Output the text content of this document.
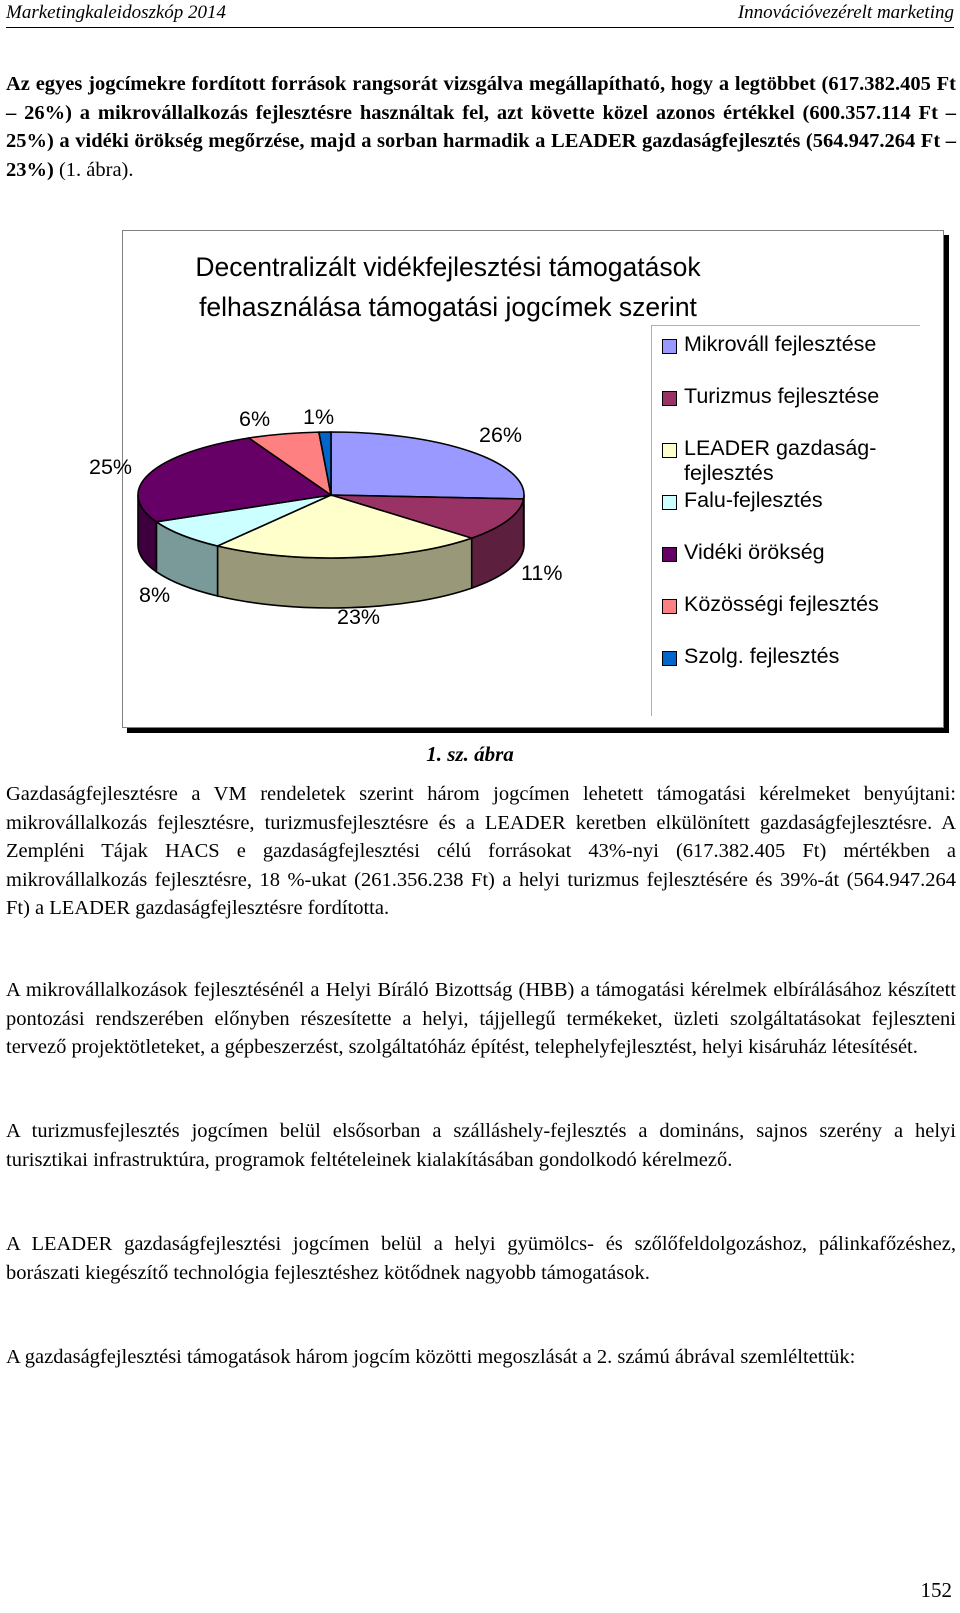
Marketingkaleidoszkóp 2014	Innovációvezérelt marketing

Az egyes jogcímekre fordított források rangsorát vizsgálva megállapítható, hogy a legtöbbet (617.382.405 Ft – 26%) a mikrovállalkozás fejlesztésre használtak fel, azt követte közel azonos értékkel (600.357.114 Ft – 25%) a vidéki örökség megőrzése, majd a sorban harmadik a LEADER gazdaságfejlesztés (564.947.264 Ft – 23%) (1. ábra).

Decentralizált vidékfejlesztési támogatások
felhasználása támogatási jogcímek szerint
Mikrováll fejlesztése
Turizmus fejlesztése
LEADER gazdaság-
fejlesztés
Falu-fejlesztés
Vidéki örökség
Közösségi fejlesztés
Szolg. fejlesztés
26%
11%
23%
8%
25%
6% 1%
1. sz. ábra

Gazdaságfejlesztésre a VM rendeletek szerint három jogcímen lehetett támogatási kérelmeket benyújtani: mikrovállalkozás fejlesztésre, turizmusfejlesztésre és a LEADER keretben elkülönített gazdaságfejlesztésre. A Zempléni Tájak HACS e gazdaságfejlesztési célú forrásokat 43%-nyi (617.382.405 Ft) mértékben a mikrovállalkozás fejlesztésre, 18 %-ukat (261.356.238 Ft) a helyi turizmus fejlesztésére és 39%-át (564.947.264 Ft) a LEADER gazdaságfejlesztésre fordította.

A mikrovállalkozások fejlesztésénél a Helyi Bíráló Bizottság (HBB) a támogatási kérelmek elbírálásához készített pontozási rendszerében előnyben részesítette a helyi, tájjellegű termékeket, üzleti szolgáltatásokat fejleszteni tervező projektötleteket, a gépbeszerzést, szolgáltatóház építést, telephelyfejlesztést, helyi kisáruház létesítését.

A turizmusfejlesztés jogcímen belül elsősorban a szálláshely-fejlesztés a domináns, sajnos szerény a helyi turisztikai infrastruktúra, programok feltételeinek kialakításában gondolkodó kérelmező.

A LEADER gazdaságfejlesztési jogcímen belül a helyi gyümölcs- és szőlőfeldolgozáshoz, pálinkafőzéshez, borászati kiegészítő technológia fejlesztéshez kötődnek nagyobb támogatások.

A gazdaságfejlesztési támogatások három jogcím közötti megoszlását a 2. számú ábrával szemléltettük:

152
